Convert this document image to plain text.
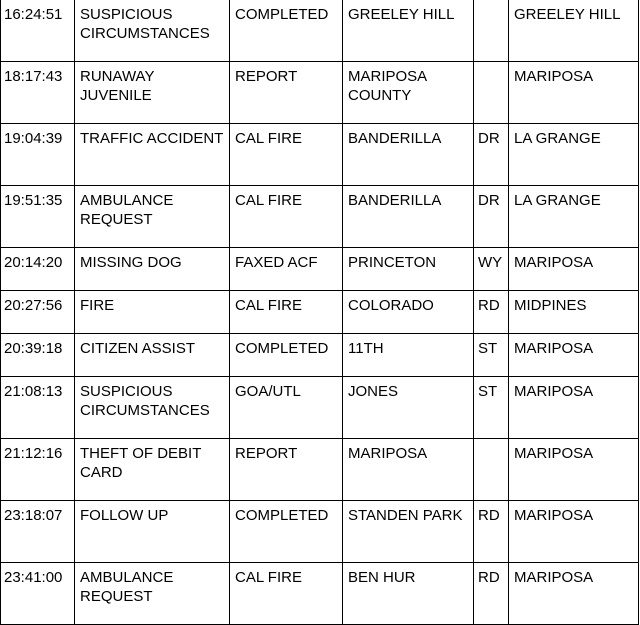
16:24:51	SUSPICIOUS CIRCUMSTANCES	COMPLETED	GREELEY HILL		GREELEY HILL
18:17:43	RUNAWAY JUVENILE	REPORT	MARIPOSA COUNTY		MARIPOSA
19:04:39	TRAFFIC ACCIDENT	CAL FIRE	BANDERILLA	DR	LA GRANGE
19:51:35	AMBULANCE REQUEST	CAL FIRE	BANDERILLA	DR	LA GRANGE
20:14:20	MISSING DOG	FAXED ACF	PRINCETON	WY	MARIPOSA
20:27:56	FIRE	CAL FIRE	COLORADO	RD	MIDPINES
20:39:18	CITIZEN ASSIST	COMPLETED	11TH	ST	MARIPOSA
21:08:13	SUSPICIOUS CIRCUMSTANCES	GOA/UTL	JONES	ST	MARIPOSA
21:12:16	THEFT OF DEBIT CARD	REPORT	MARIPOSA		MARIPOSA
23:18:07	FOLLOW UP	COMPLETED	STANDEN PARK	RD	MARIPOSA
23:41:00	AMBULANCE REQUEST	CAL FIRE	BEN HUR	RD	MARIPOSA
